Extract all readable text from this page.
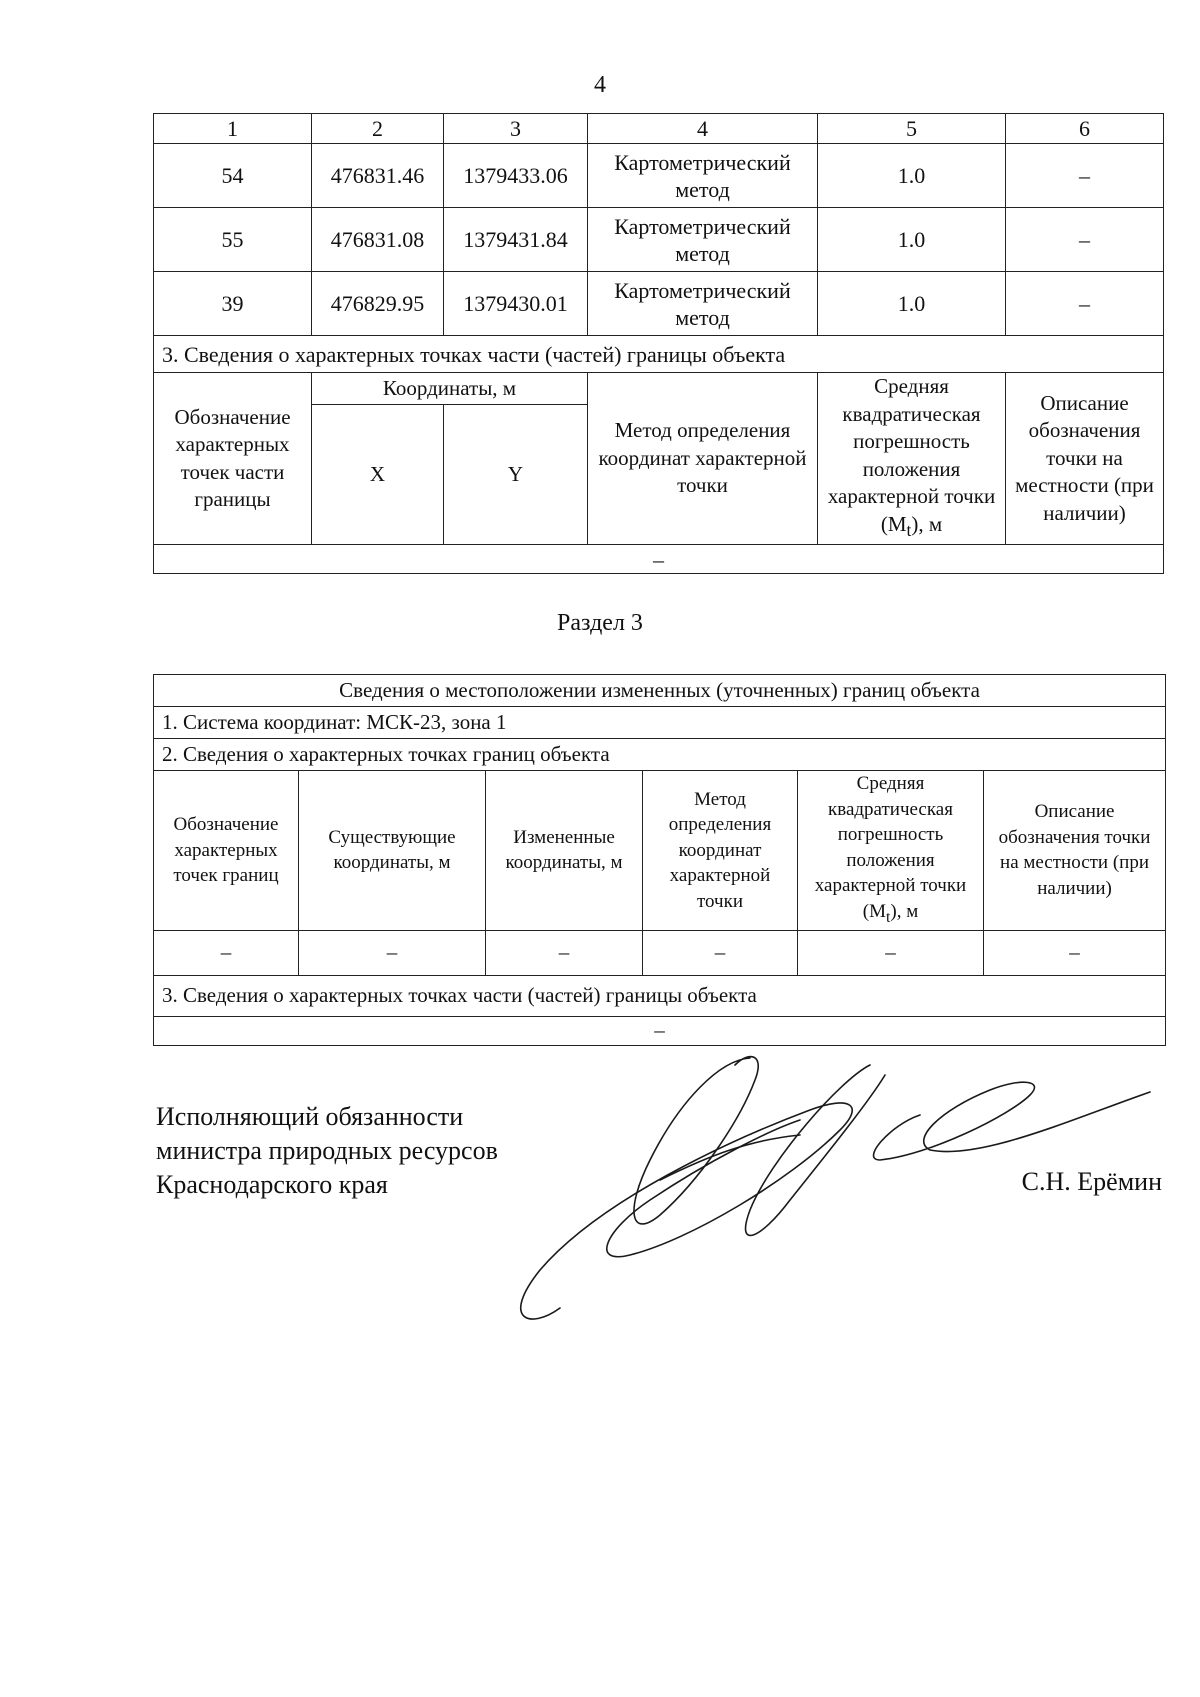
4
1	2	3	4	5	6
54	476831.46	1379433.06	Картометрический метод	1.0	–
55	476831.08	1379431.84	Картометрический метод	1.0	–
39	476829.95	1379430.01	Картометрический метод	1.0	–
3. Сведения о характерных точках части (частей) границы объекта					
Обозначение характерных точек части границы	Координаты, м		Метод определения координат характерной точки	Средняя квадратическая погрешность положения характерной точки $(M_t)$, м	Описание обозначения точки на местности (при наличии)
	X	Y			
–					
Раздел 3
Сведения о местоположении измененных (уточненных) границ объекта					
1. Система координат: МСК-23, зона 1					
2. Сведения о характерных точках границ объекта					
Обозначение характерных точек границ	Существующие координаты, м	Измененные координаты, м	Метод определения координат характерной точки	Средняя квадратическая погрешность положения характерной точки $(M_t)$, м	Описание обозначения точки на местности (при наличии)
–	–	–	–	–	–
3. Сведения о характерных точках части (частей) границы объекта					
–					
Исполняющий обязанности
министра природных ресурсов
Краснодарского края	С.Н. Ерёмин
